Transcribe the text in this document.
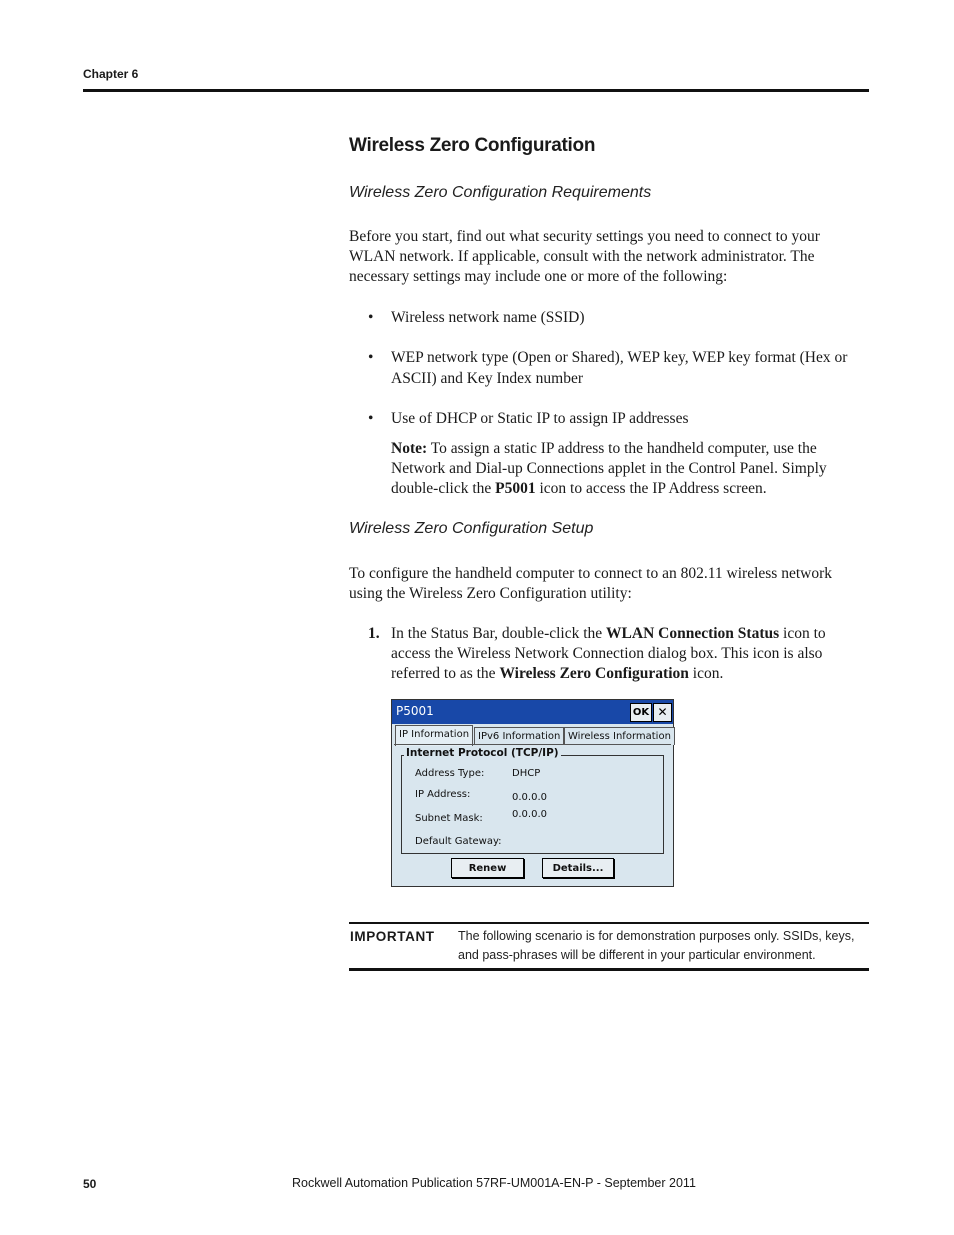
Chapter 6
Wireless Zero Configuration
Wireless Zero Configuration Requirements
Before you start, find out what security settings you need to connect to your WLAN network. If applicable, consult with the network administrator. The necessary settings may include one or more of the following:
• Wireless network name (SSID)
• WEP network type (Open or Shared), WEP key, WEP key format (Hex or ASCII) and Key Index number
• Use of DHCP or Static IP to assign IP addresses
Note: To assign a static IP address to the handheld computer, use the Network and Dial-up Connections applet in the Control Panel. Simply double-click the P5001 icon to access the IP Address screen.
Wireless Zero Configuration Setup
To configure the handheld computer to connect to an 802.11 wireless network using the Wireless Zero Configuration utility:
1. In the Status Bar, double-click the WLAN Connection Status icon to access the Wireless Network Connection dialog box. This icon is also referred to as the Wireless Zero Configuration icon.
P5001	OK ✕
IP Information IPv6 Information Wireless Information
Internet Protocol (TCP/IP)
Address Type:	DHCP
IP Address:	0.0.0.0
Subnet Mask:	0.0.0.0
Default Gateway:
Renew	Details...
IMPORTANT The following scenario is for demonstration purposes only. SSIDs, keys, and pass-phrases will be different in your particular environment.
50	Rockwell Automation Publication 57RF-UM001A-EN-P - September 2011
